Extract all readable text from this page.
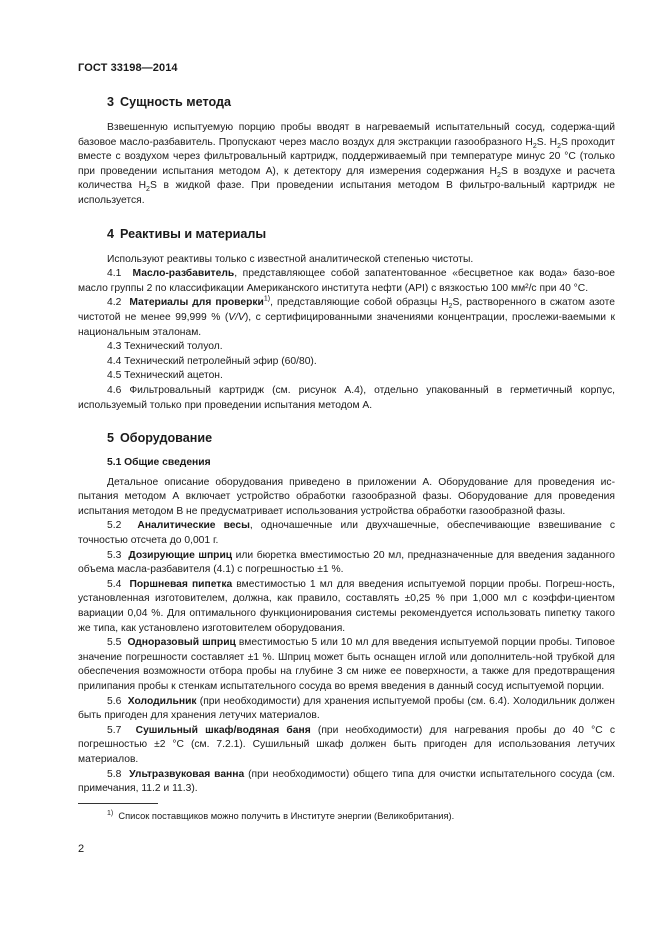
ГОСТ 33198—2014
3 Сущность метода

Взвешенную испытуемую порцию пробы вводят в нагреваемый испытательный сосуд, содержа-щий базовое масло-разбавитель. Пропускают через масло воздух для экстракции газообразного $H_2S$. $H_2S$ проходит вместе с воздухом через фильтровальный картридж, поддерживаемый при температуре минус 20 °C (только при проведении испытания методом A), к детектору для измерения содержания $H_2S$ в воздухе и расчета количества $H_2S$ в жидкой фазе. При проведении испытания методом B фильтро-вальный картридж не используется.

4 Реактивы и материалы

Используют реактивы только с известной аналитической степенью чистоты.

4.1 Масло-разбавитель, представляющее собой запатентованное «бесцветное как вода» базо-вое масло группы 2 по классификации Американского института нефти (API) с вязкостью 100 мм²/с при 40 °C.

4.2 Материалы для проверки$^{1)}$, представляющие собой образцы $H_2S$, растворенного в сжатом азоте чистотой не менее 99,999 % (V/V), с сертифицированными значениями концентрации, прослежи-ваемыми к национальным эталонам.

4.3 Технический толуол.

4.4 Технический петролейный эфир (60/80).

4.5 Технический ацетон.

4.6 Фильтровальный картридж (см. рисунок А.4), отдельно упакованный в герметичный корпус, используемый только при проведении испытания методом А.

5 Оборудование
5.1 Общие сведения

Детальное описание оборудования приведено в приложении А. Оборудование для проведения ис-пытания методом А включает устройство обработки газообразной фазы. Оборудование для проведения испытания методом В не предусматривает использования устройства обработки газообразной фазы.

5.2 Аналитические весы, одночашечные или двухчашечные, обеспечивающие взвешивание с точностью отсчета до 0,001 г.

5.3 Дозирующие шприц или бюретка вместимостью 20 мл, предназначенные для введения заданного объема масла-разбавителя (4.1) с погрешностью ±1 %.

5.4 Поршневая пипетка вместимостью 1 мл для введения испытуемой порции пробы. Погреш-ность, установленная изготовителем, должна, как правило, составлять ±0,25 % при 1,000 мл с коэффи-циентом вариации 0,04 %. Для оптимального функционирования системы рекомендуется использовать пипетку такого же типа, как установлено изготовителем оборудования.

5.5 Одноразовый шприц вместимостью 5 или 10 мл для введения испытуемой порции пробы. Типовое значение погрешности составляет ±1 %. Шприц может быть оснащен иглой или дополнитель-ной трубкой для обеспечения возможности отбора пробы на глубине 3 см ниже ее поверхности, а также для предотвращения прилипания пробы к стенкам испытательного сосуда во время введения в данный сосуд испытуемой порции.

5.6 Холодильник (при необходимости) для хранения испытуемой пробы (см. 6.4). Холодильник должен быть пригоден для хранения летучих материалов.

5.7 Сушильный шкаф/водяная баня (при необходимости) для нагревания пробы до 40 °C с погрешностью ±2 °C (см. 7.2.1). Сушильный шкаф должен быть пригоден для использования летучих материалов.

5.8 Ультразвуковая ванна (при необходимости) общего типа для очистки испытательного сосуда (см. примечания, 11.2 и 11.3).

$^{1)}$ Список поставщиков можно получить в Институте энергии (Великобритания).
2
